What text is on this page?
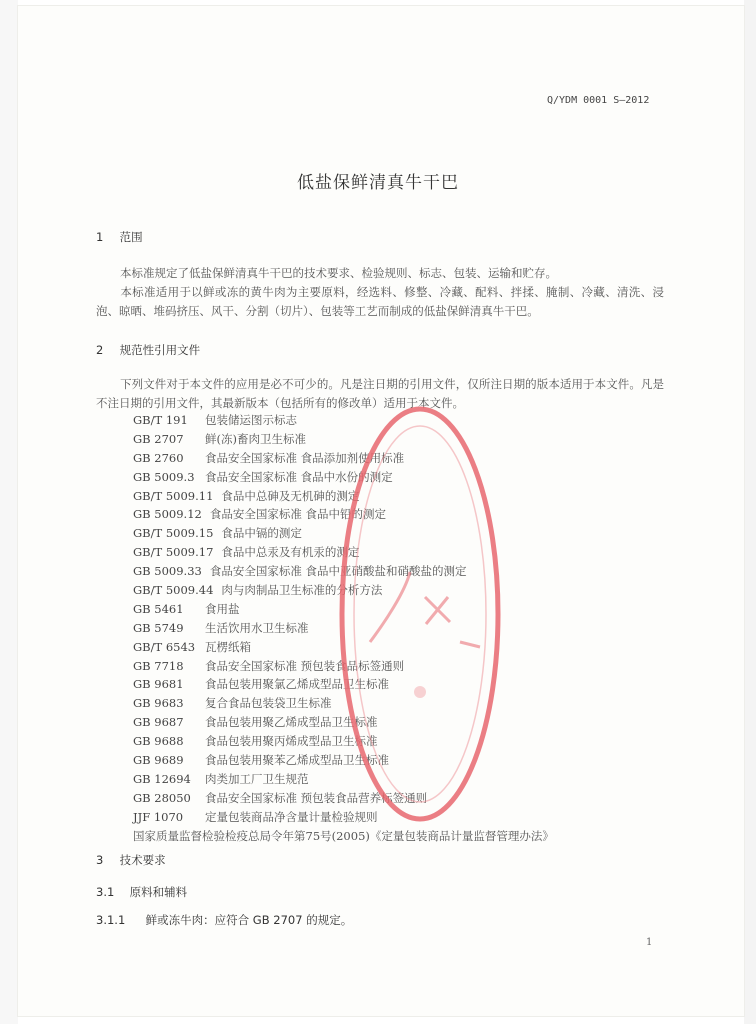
Q/YDM 0001 S—2012
低盐保鲜清真牛干巴
1 范围
本标准规定了低盐保鲜清真牛干巴的技术要求、检验规则、标志、包装、运输和贮存。
本标准适用于以鲜或冻的黄牛肉为主要原料，经选料、修整、冷藏、配料、拌揉、腌制、冷藏、清洗、浸泡、晾晒、堆码挤压、风干、分割（切片）、包装等工艺而制成的低盐保鲜清真牛干巴。
2 规范性引用文件
下列文件对于本文件的应用是必不可少的。凡是注日期的引用文件，仅所注日期的版本适用于本文件。凡是不注日期的引用文件，其最新版本（包括所有的修改单）适用于本文件。
GB/T 191 包装储运图示标志
GB 2707 鲜(冻)畜肉卫生标准
GB 2760 食品安全国家标准 食品添加剂使用标准
GB 5009.3 食品安全国家标准 食品中水份的测定
GB/T 5009.11 食品中总砷及无机砷的测定
GB 5009.12 食品安全国家标准 食品中铅的测定
GB/T 5009.15 食品中镉的测定
GB/T 5009.17 食品中总汞及有机汞的测定
GB 5009.33 食品安全国家标准 食品中亚硝酸盐和硝酸盐的测定
GB/T 5009.44 肉与肉制品卫生标准的分析方法
GB 5461 食用盐
GB 5749 生活饮用水卫生标准
GB/T 6543 瓦楞纸箱
GB 7718 食品安全国家标准 预包装食品标签通则
GB 9681 食品包装用聚氯乙烯成型品卫生标准
GB 9683 复合食品包装袋卫生标准
GB 9687 食品包装用聚乙烯成型品卫生标准
GB 9688 食品包装用聚丙烯成型品卫生标准
GB 9689 食品包装用聚苯乙烯成型品卫生标准
GB 12694 肉类加工厂卫生规范
GB 28050 食品安全国家标准 预包装食品营养标签通则
JJF 1070 定量包装商品净含量计量检验规则
国家质量监督检验检疫总局令年第75号(2005)《定量包装商品计量监督管理办法》
3 技术要求
3.1 原料和辅料
3.1.1 鲜或冻牛肉：应符合 GB 2707 的规定。
1
